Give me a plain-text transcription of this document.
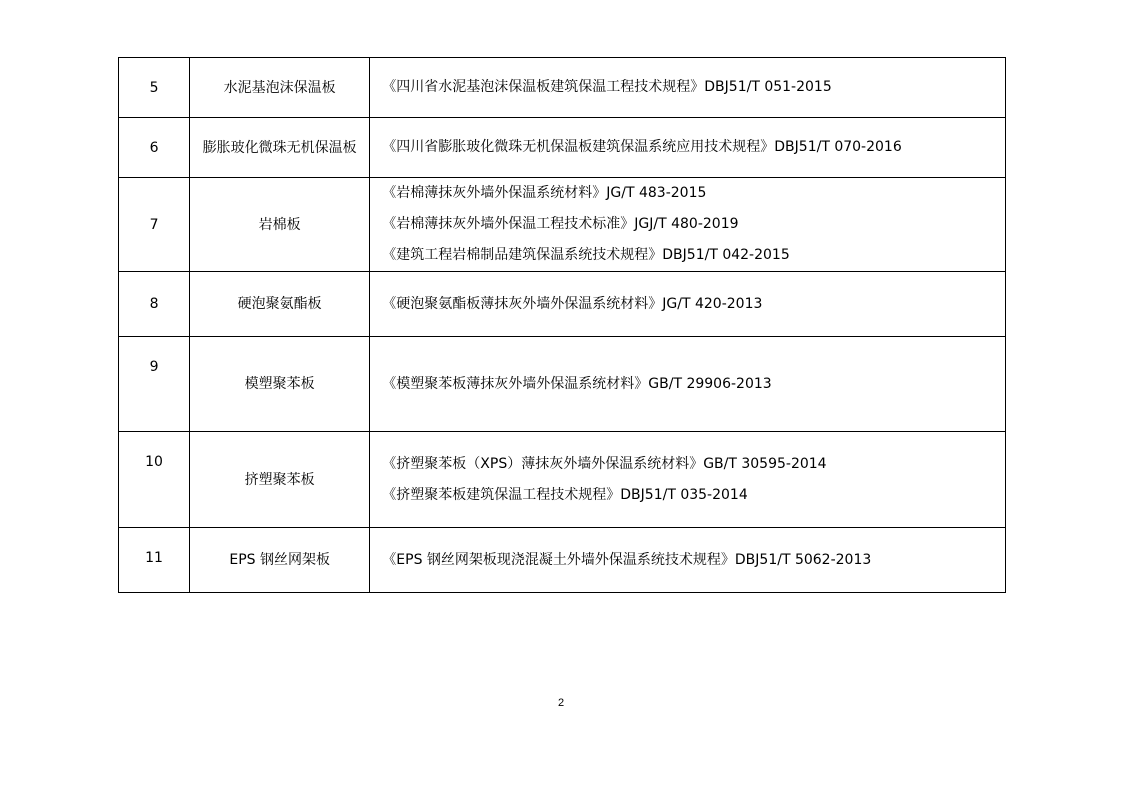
5	水泥基泡沫保温板	《四川省水泥基泡沫保温板建筑保温工程技术规程》DBJ51/T 051-2015

6	膨胀玻化微珠无机保温板	《四川省膨胀玻化微珠无机保温板建筑保温系统应用技术规程》DBJ51/T 070-2016

7	岩棉板	《岩棉薄抹灰外墙外保温系统材料》JG/T 483-2015
《岩棉薄抹灰外墙外保温工程技术标准》JGJ/T 480-2019
《建筑工程岩棉制品建筑保温系统技术规程》DBJ51/T 042-2015

8	硬泡聚氨酯板	《硬泡聚氨酯板薄抹灰外墙外保温系统材料》JG/T 420-2013

9	模塑聚苯板	《模塑聚苯板薄抹灰外墙外保温系统材料》GB/T 29906-2013

10	挤塑聚苯板	《挤塑聚苯板（XPS）薄抹灰外墙外保温系统材料》GB/T 30595-2014
《挤塑聚苯板建筑保温工程技术规程》DBJ51/T 035-2014

11	EPS 钢丝网架板	《EPS 钢丝网架板现浇混凝土外墙外保温系统技术规程》DBJ51/T 5062-2013
2
